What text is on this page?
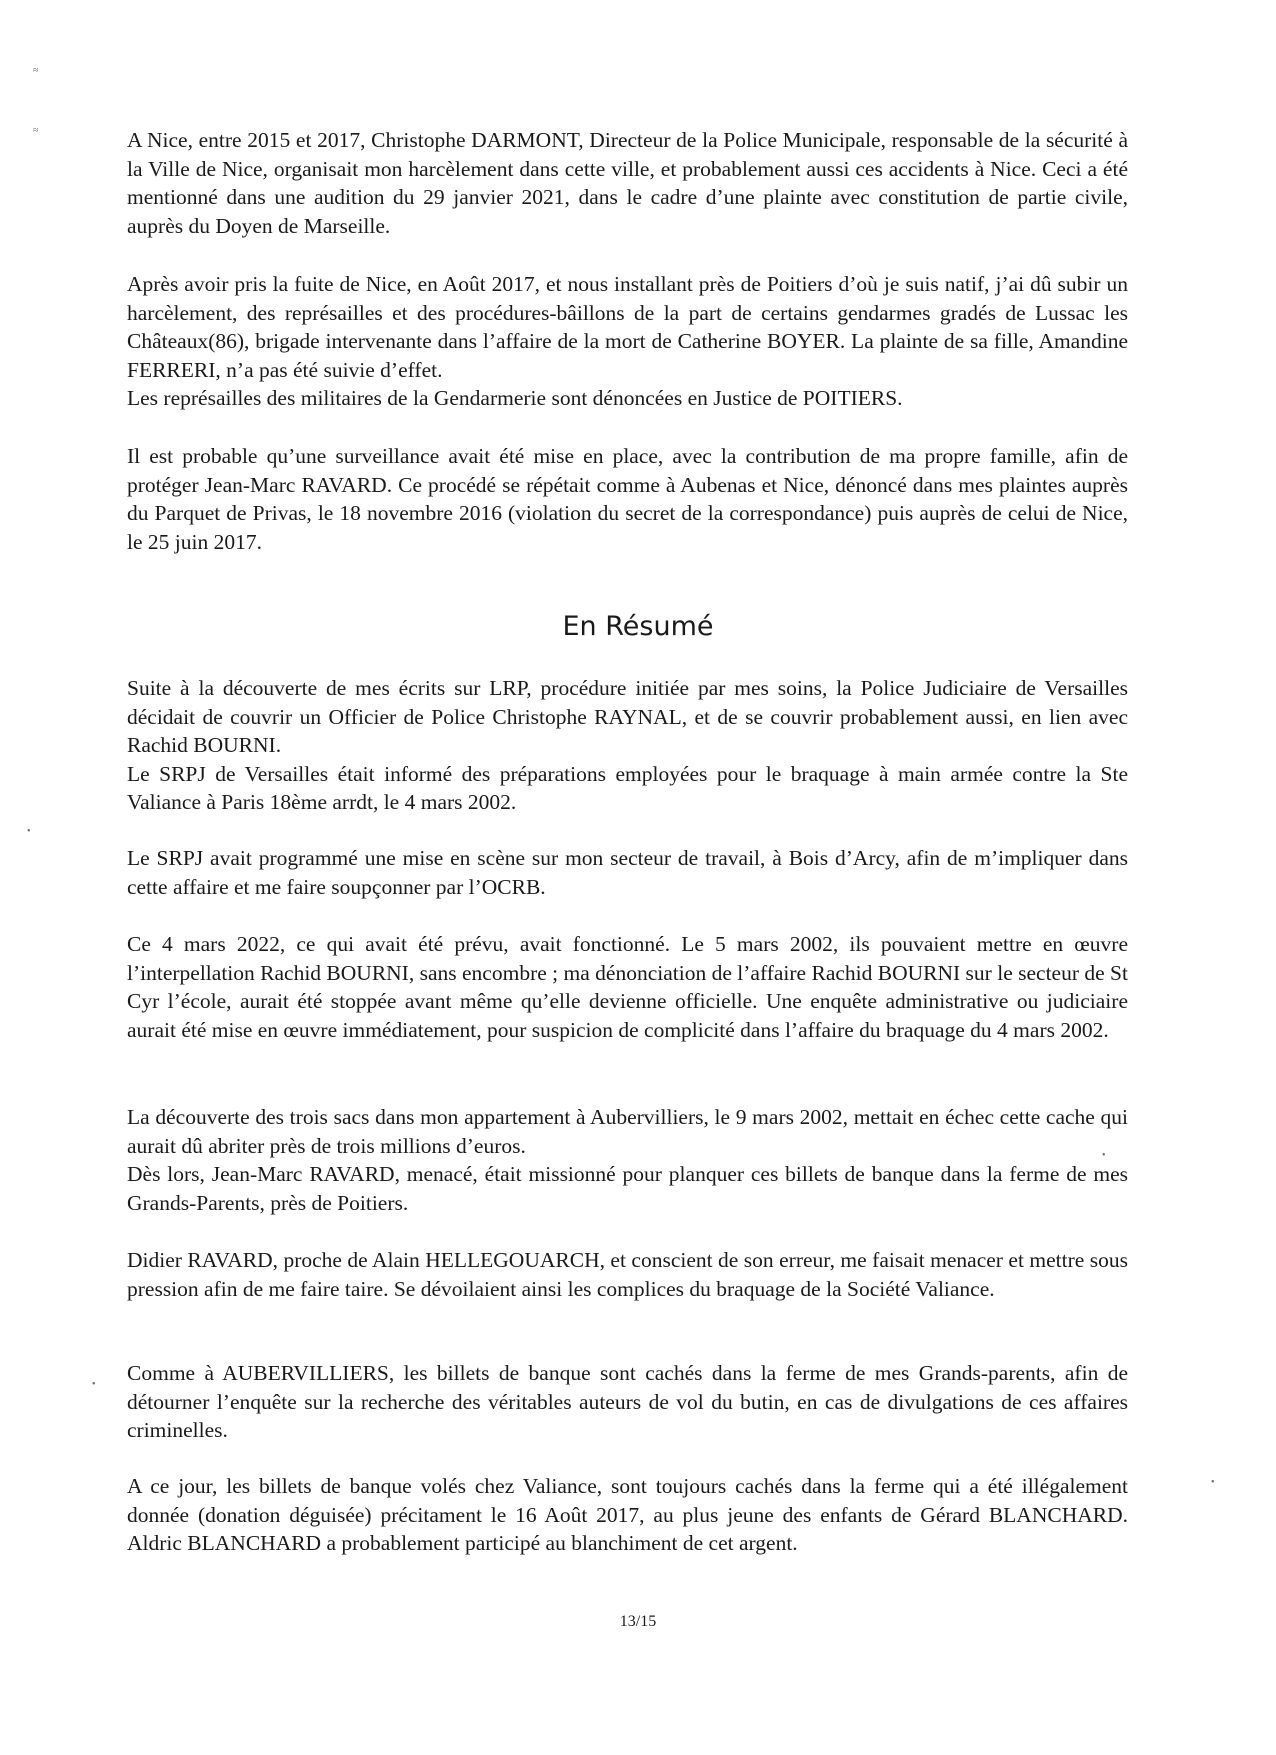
≈
≈
•
•
•
•

A Nice, entre 2015 et 2017, Christophe DARMONT, Directeur de la Police Municipale, responsable de la sécurité à la Ville de Nice, organisait mon harcèlement dans cette ville, et probablement aussi ces accidents à Nice. Ceci a été mentionné dans une audition du 29 janvier 2021, dans le cadre d’une plainte avec constitution de partie civile, auprès du Doyen de Marseille.

Après avoir pris la fuite de Nice, en Août 2017, et nous installant près de Poitiers d’où je suis natif, j’ai dû subir un harcèlement, des représailles et des procédures-bâillons de la part de certains gendarmes gradés de Lussac les Châteaux(86), brigade intervenante dans l’affaire de la mort de Catherine BOYER. La plainte de sa fille, Amandine FERRERI, n’a pas été suivie d’effet.

Les représailles des militaires de la Gendarmerie sont dénoncées en Justice de POITIERS.

Il est probable qu’une surveillance avait été mise en place, avec la contribution de ma propre famille, afin de protéger Jean-Marc RAVARD. Ce procédé se répétait comme à Aubenas et Nice, dénoncé dans mes plaintes auprès du Parquet de Privas, le 18 novembre 2016 (violation du secret de la correspondance) puis auprès de celui de Nice, le 25 juin 2017.

En Résumé

Suite à la découverte de mes écrits sur LRP, procédure initiée par mes soins, la Police Judiciaire de Versailles décidait de couvrir un Officier de Police Christophe RAYNAL, et de se couvrir probablement aussi, en lien avec Rachid BOURNI.

Le SRPJ de Versailles était informé des préparations employées pour le braquage à main armée contre la Ste Valiance à Paris 18ème arrdt, le 4 mars 2002.

Le SRPJ avait programmé une mise en scène sur mon secteur de travail, à Bois d’Arcy, afin de m’impliquer dans cette affaire et me faire soupçonner par l’OCRB.

Ce 4 mars 2022, ce qui avait été prévu, avait fonctionné. Le 5 mars 2002, ils pouvaient mettre en œuvre l’interpellation Rachid BOURNI, sans encombre ; ma dénonciation de l’affaire Rachid BOURNI sur le secteur de St Cyr l’école, aurait été stoppée avant même qu’elle devienne officielle. Une enquête administrative ou judiciaire aurait été mise en œuvre immédiatement, pour suspicion de complicité dans l’affaire du braquage du 4 mars 2002.

La découverte des trois sacs dans mon appartement à Aubervilliers, le 9 mars 2002, mettait en échec cette cache qui aurait dû abriter près de trois millions d’euros.

Dès lors, Jean-Marc RAVARD, menacé, était missionné pour planquer ces billets de banque dans la ferme de mes Grands-Parents, près de Poitiers.

Didier RAVARD, proche de Alain HELLEGOUARCH, et conscient de son erreur, me faisait menacer et mettre sous pression afin de me faire taire. Se dévoilaient ainsi les complices du braquage de la Société Valiance.

Comme à AUBERVILLIERS, les billets de banque sont cachés dans la ferme de mes Grands-parents, afin de détourner l’enquête sur la recherche des véritables auteurs de vol du butin, en cas de divulgations de ces affaires criminelles.

A ce jour, les billets de banque volés chez Valiance, sont toujours cachés dans la ferme qui a été illégalement donnée (donation déguisée) précitament le 16 Août 2017, au plus jeune des enfants de Gérard BLANCHARD. Aldric BLANCHARD a probablement participé au blanchiment de cet argent.

13/15
